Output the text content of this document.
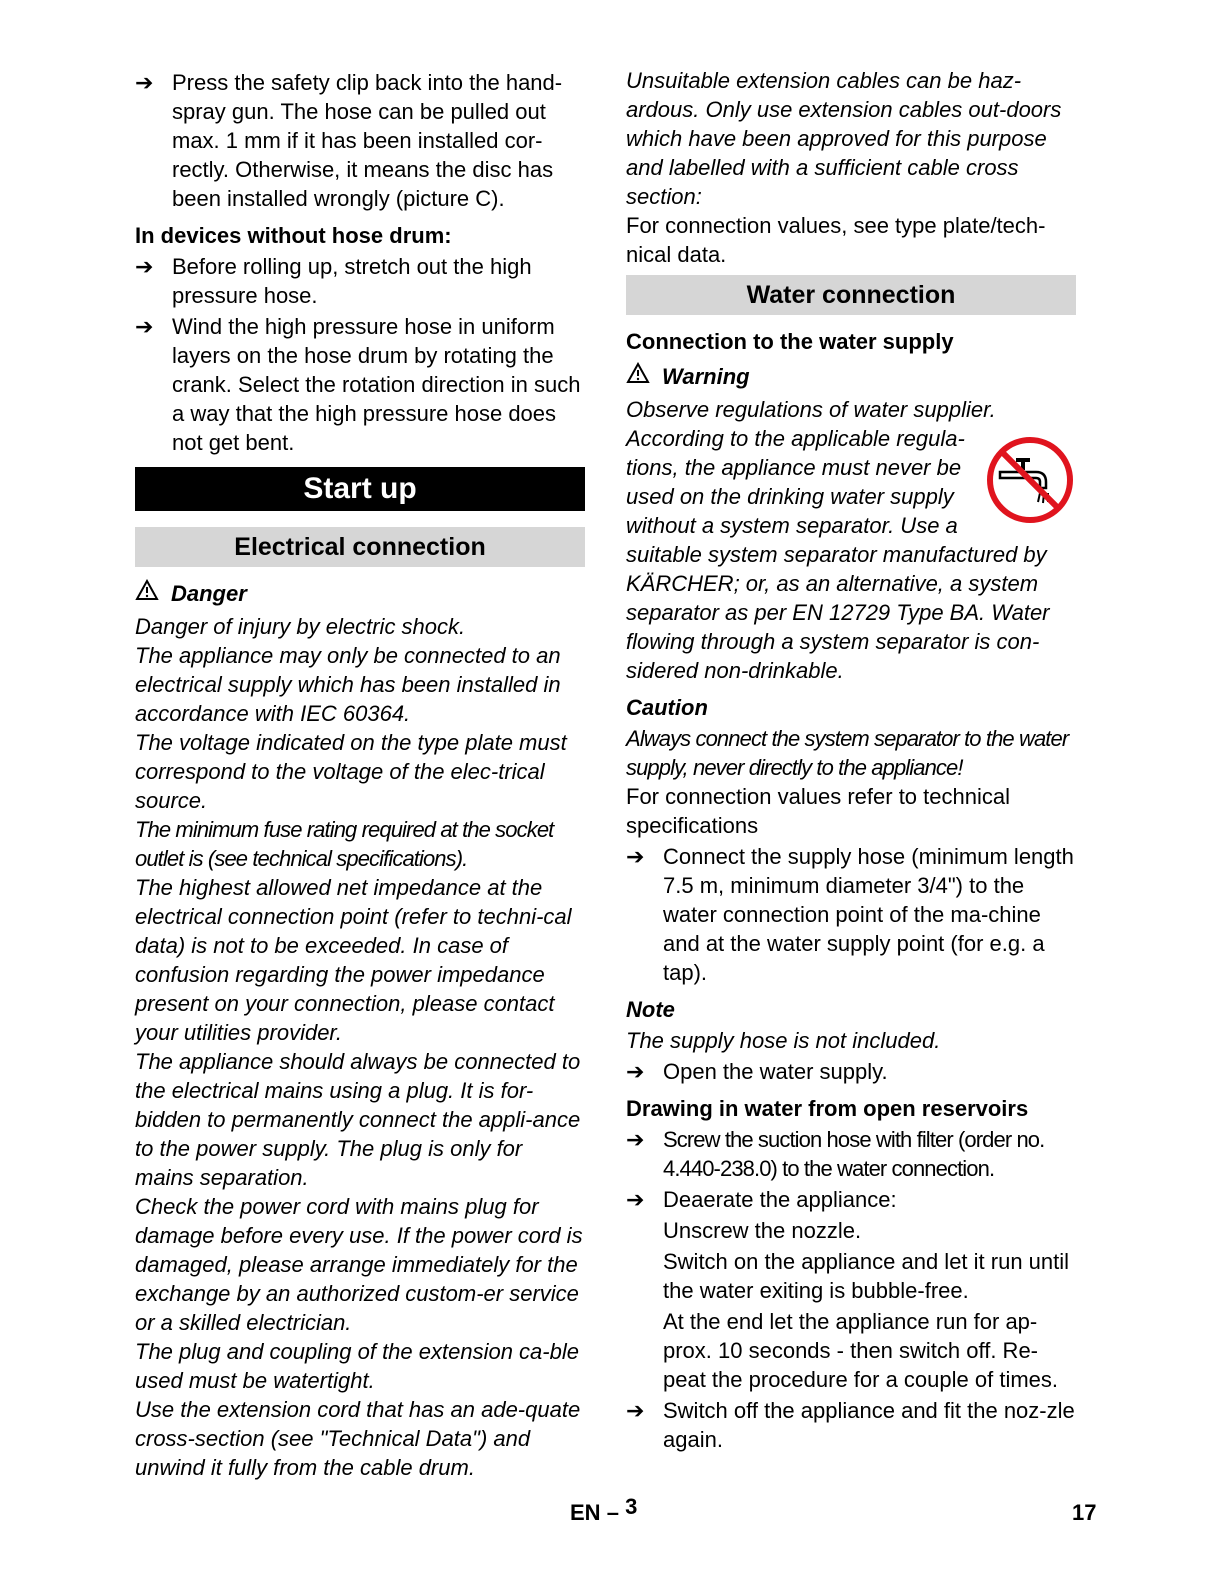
➔ Press the safety clip back into the hand-spray gun. The hose can be pulled out max. 1 mm if it has been installed cor-rectly. Otherwise, it means the disc has been installed wrongly (picture C).
In devices without hose drum:
➔ Before rolling up, stretch out the high pressure hose.
➔ Wind the high pressure hose in uniform layers on the hose drum by rotating the crank. Select the rotation direction in such a way that the high pressure hose does not get bent.
Start up
Electrical connection
Danger

Danger of injury by electric shock.

The appliance may only be connected to an electrical supply which has been installed in accordance with IEC 60364.

The voltage indicated on the type plate must correspond to the voltage of the elec-trical source.

The minimum fuse rating required at the socket outlet is (see technical specifications).

The highest allowed net impedance at the electrical connection point (refer to techni-cal data) is not to be exceeded. In case of confusion regarding the power impedance present on your connection, please contact your utilities provider.

The appliance should always be connected to the electrical mains using a plug. It is for-bidden to permanently connect the appli-ance to the power supply. The plug is only for mains separation.

Check the power cord with mains plug for damage before every use. If the power cord is damaged, please arrange immediately for the exchange by an authorized custom-er service or a skilled electrician.

The plug and coupling of the extension ca-ble used must be watertight.

Use the extension cord that has an ade-quate cross-section (see "Technical Data") and unwind it fully from the cable drum.

Unsuitable extension cables can be haz-ardous. Only use extension cables out-doors which have been approved for this purpose and labelled with a sufficient cable cross section:

For connection values, see type plate/tech-nical data.

Water connection
Connection to the water supply
Warning

Observe regulations of water supplier.

According to the applicable regula-tions, the appliance must never be used on the drinking water supply without a system separator. Use a suitable system separator manufactured by KÄRCHER; or, as an alternative, a system separator as per EN 12729 Type BA. Water flowing through a system separator is con-sidered non-drinkable.

Caution

Always connect the system separator to the water supply, never directly to the appliance!

For connection values refer to technical specifications

➔ Connect the supply hose (minimum length 7.5 m, minimum diameter 3/4") to the water connection point of the ma-chine and at the water supply point (for e.g. a tap).
Note

The supply hose is not included.

➔ Open the water supply.
Drawing in water from open reservoirs
➔ Screw the suction hose with filter (order no. 4.440-238.0) to the water connection.
➔ Deaerate the appliance:

Unscrew the nozzle.

Switch on the appliance and let it run until the water exiting is bubble-free.

At the end let the appliance run for ap-prox. 10 seconds - then switch off. Re-peat the procedure for a couple of times.

➔ Switch off the appliance and fit the noz-zle again.
EN – 3	17
